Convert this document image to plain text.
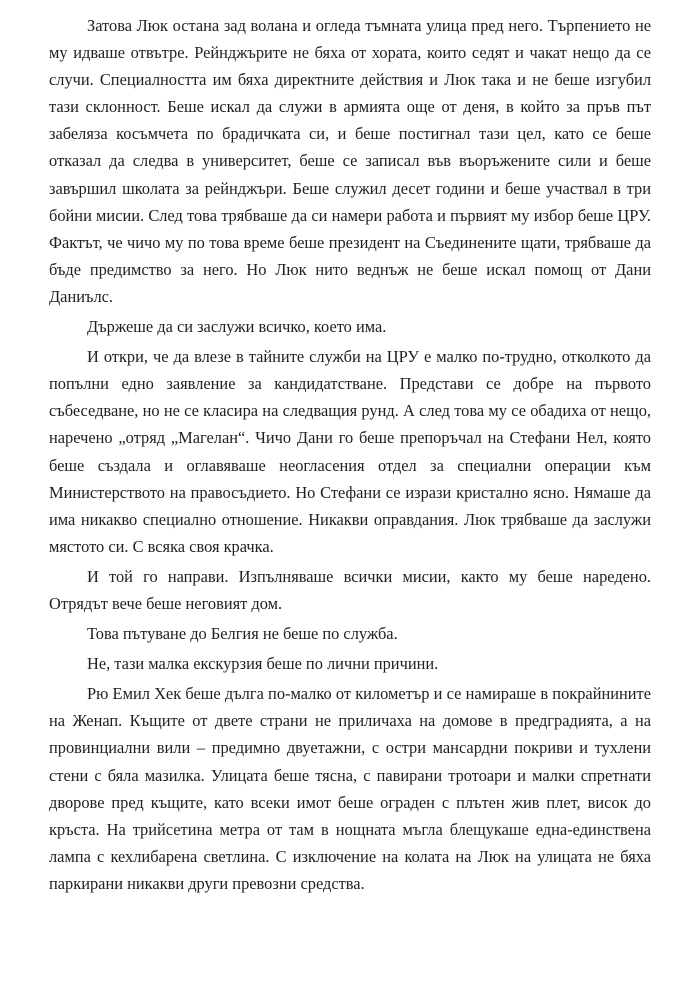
Затова Люк остана зад волана и огледа тъмната улица пред него. Търпението не му идваше отвътре. Рейнджърите не бяха от хората, които седят и чакат нещо да се случи. Специалността им бяха директните действия и Люк така и не беше изгубил тази склонност. Беше искал да служи в армията още от деня, в който за пръв път забеляза косъмчета по брадичката си, и беше постигнал тази цел, като се беше отказал да следва в университет, беше се записал във въоръжените сили и беше завършил школата за рейнджъри. Беше служил десет години и беше участвал в три бойни мисии. След това трябваше да си намери работа и първият му избор беше ЦРУ. Фактът, че чичо му по това време беше президент на Съединените щати, трябваше да бъде предимство за него. Но Люк нито веднъж не беше искал помощ от Дани Даниълс.

Държеше да си заслужи всичко, което има.

И откри, че да влезе в тайните служби на ЦРУ е малко по-трудно, отколкото да попълни едно заявление за кандидатстване. Представи се добре на първото събеседване, но не се класира на следващия рунд. А след това му се обадиха от нещо, наречено „отряд „Магелан“. Чичо Дани го беше препоръчал на Стефани Нел, която беше създала и оглавяваше неогласения отдел за специални операции към Министерството на правосъдието. Но Стефани се изрази кристално ясно. Нямаше да има никакво специално отношение. Никакви оправдания. Люк трябваше да заслужи мястото си. С всяка своя крачка.

И той го направи. Изпълняваше всички мисии, както му беше наредено. Отрядът вече беше неговият дом.

Това пътуване до Белгия не беше по служба.

Не, тази малка екскурзия беше по лични причини.

Рю Емил Хек беше дълга по-малко от километър и се намираше в покрайнините на Женап. Къщите от двете страни не приличаха на домове в предградията, а на провинциални вили – предимно двуетажни, с остри мансардни покриви и тухлени стени с бяла мазилка. Улицата беше тясна, с павирани тротоари и малки спретнати дворове пред къщите, като всеки имот беше ограден с плътен жив плет, висок до кръста. На трийсетина метра от там в нощната мъгла блещукаше една-единствена лампа с кехлибарена светлина. С изключение на колата на Люк на улицата не бяха паркирани никакви други превозни средства.
